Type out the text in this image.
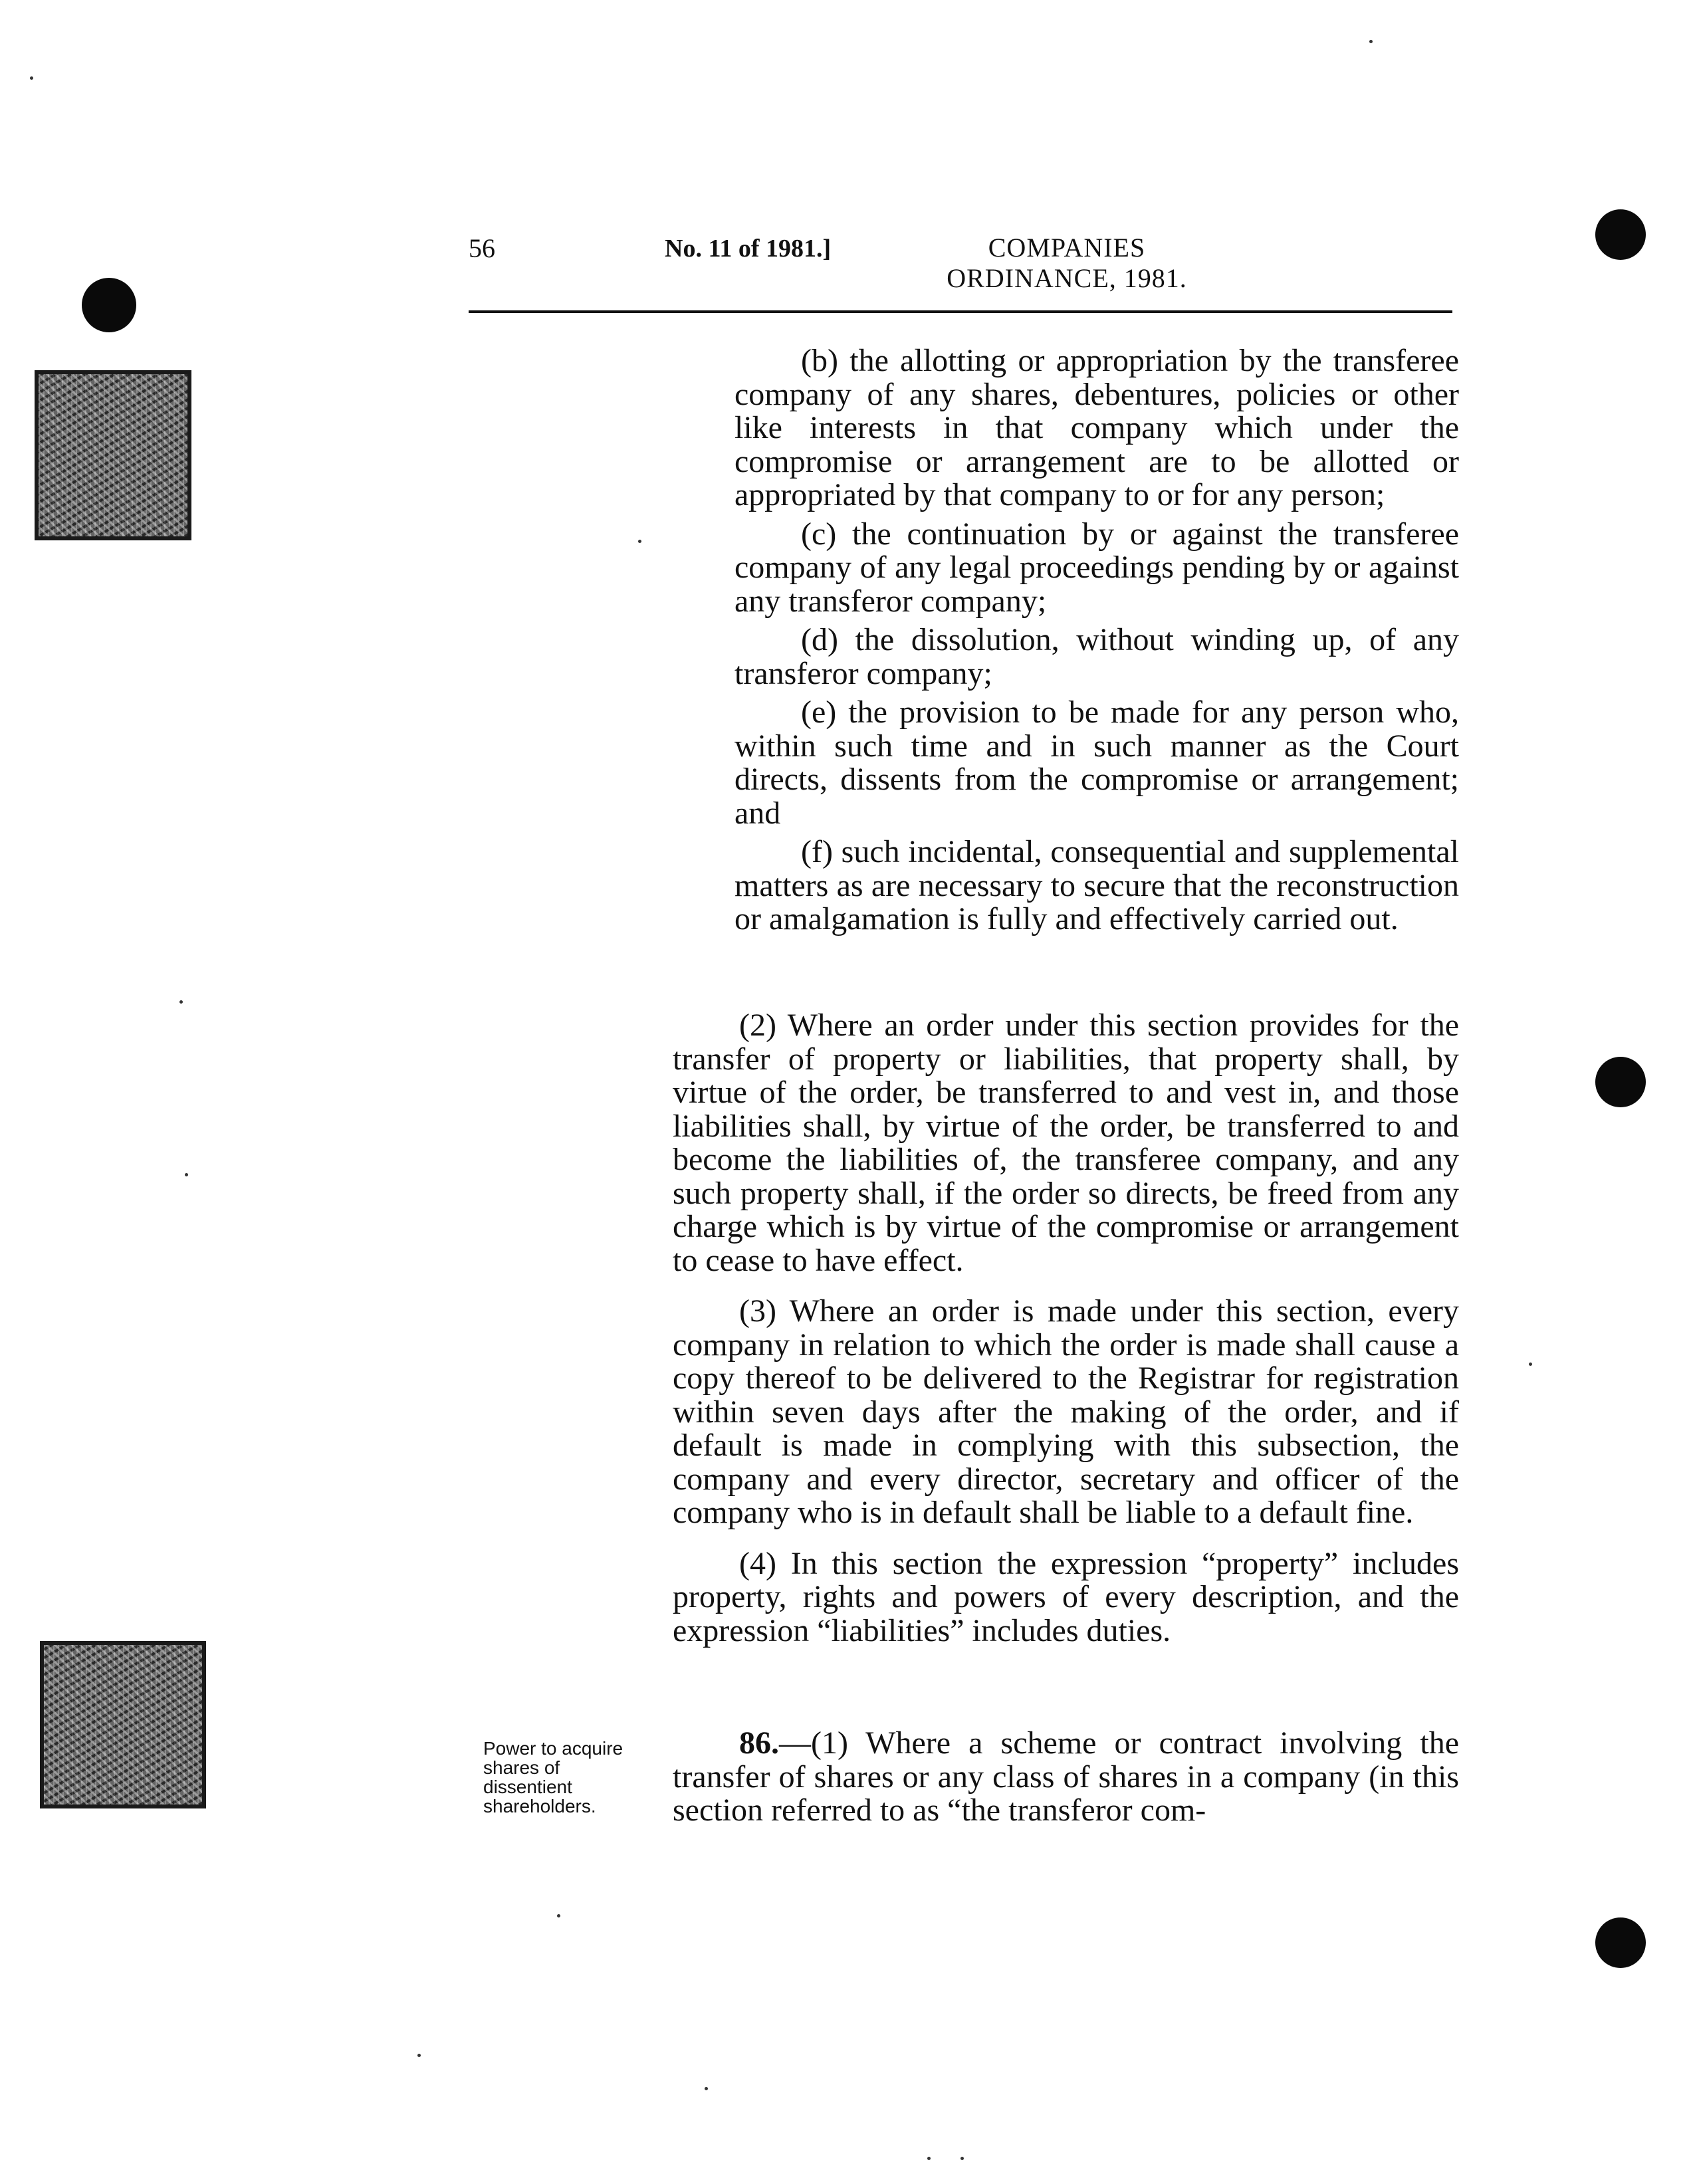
56	No. 11 of 1981.]	COMPANIES
ORDINANCE, 1981.

(b) the allotting or appropriation by the transferee company of any shares, debentures, policies or other like interests in that company which under the compromise or arrangement are to be allotted or appropriated by that company to or for any person;

(c) the continuation by or against the transferee company of any legal proceedings pending by or against any transferor company;

(d) the dissolution, without winding up, of any transferor company;

(e) the provision to be made for any person who, within such time and in such manner as the Court directs, dissents from the compromise or arrangement; and

(f) such incidental, consequential and supplemental matters as are necessary to secure that the reconstruction or amalgamation is fully and effectively carried out.

(2) Where an order under this section provides for the transfer of property or liabilities, that property shall, by virtue of the order, be transferred to and vest in, and those liabilities shall, by virtue of the order, be transferred to and become the liabilities of, the transferee company, and any such property shall, if the order so directs, be freed from any charge which is by virtue of the compromise or arrangement to cease to have effect.

(3) Where an order is made under this section, every company in relation to which the order is made shall cause a copy thereof to be delivered to the Registrar for registration within seven days after the making of the order, and if default is made in complying with this subsection, the company and every director, secretary and officer of the company who is in default shall be liable to a default fine.

(4) In this section the expression “property” includes property, rights and powers of every description, and the expression “liabilities” includes duties.

Power to acquire
shares of
dissentient
shareholders.

86.—(1) Where a scheme or contract involving the transfer of shares or any class of shares in a company (in this section referred to as “the transferor com-
